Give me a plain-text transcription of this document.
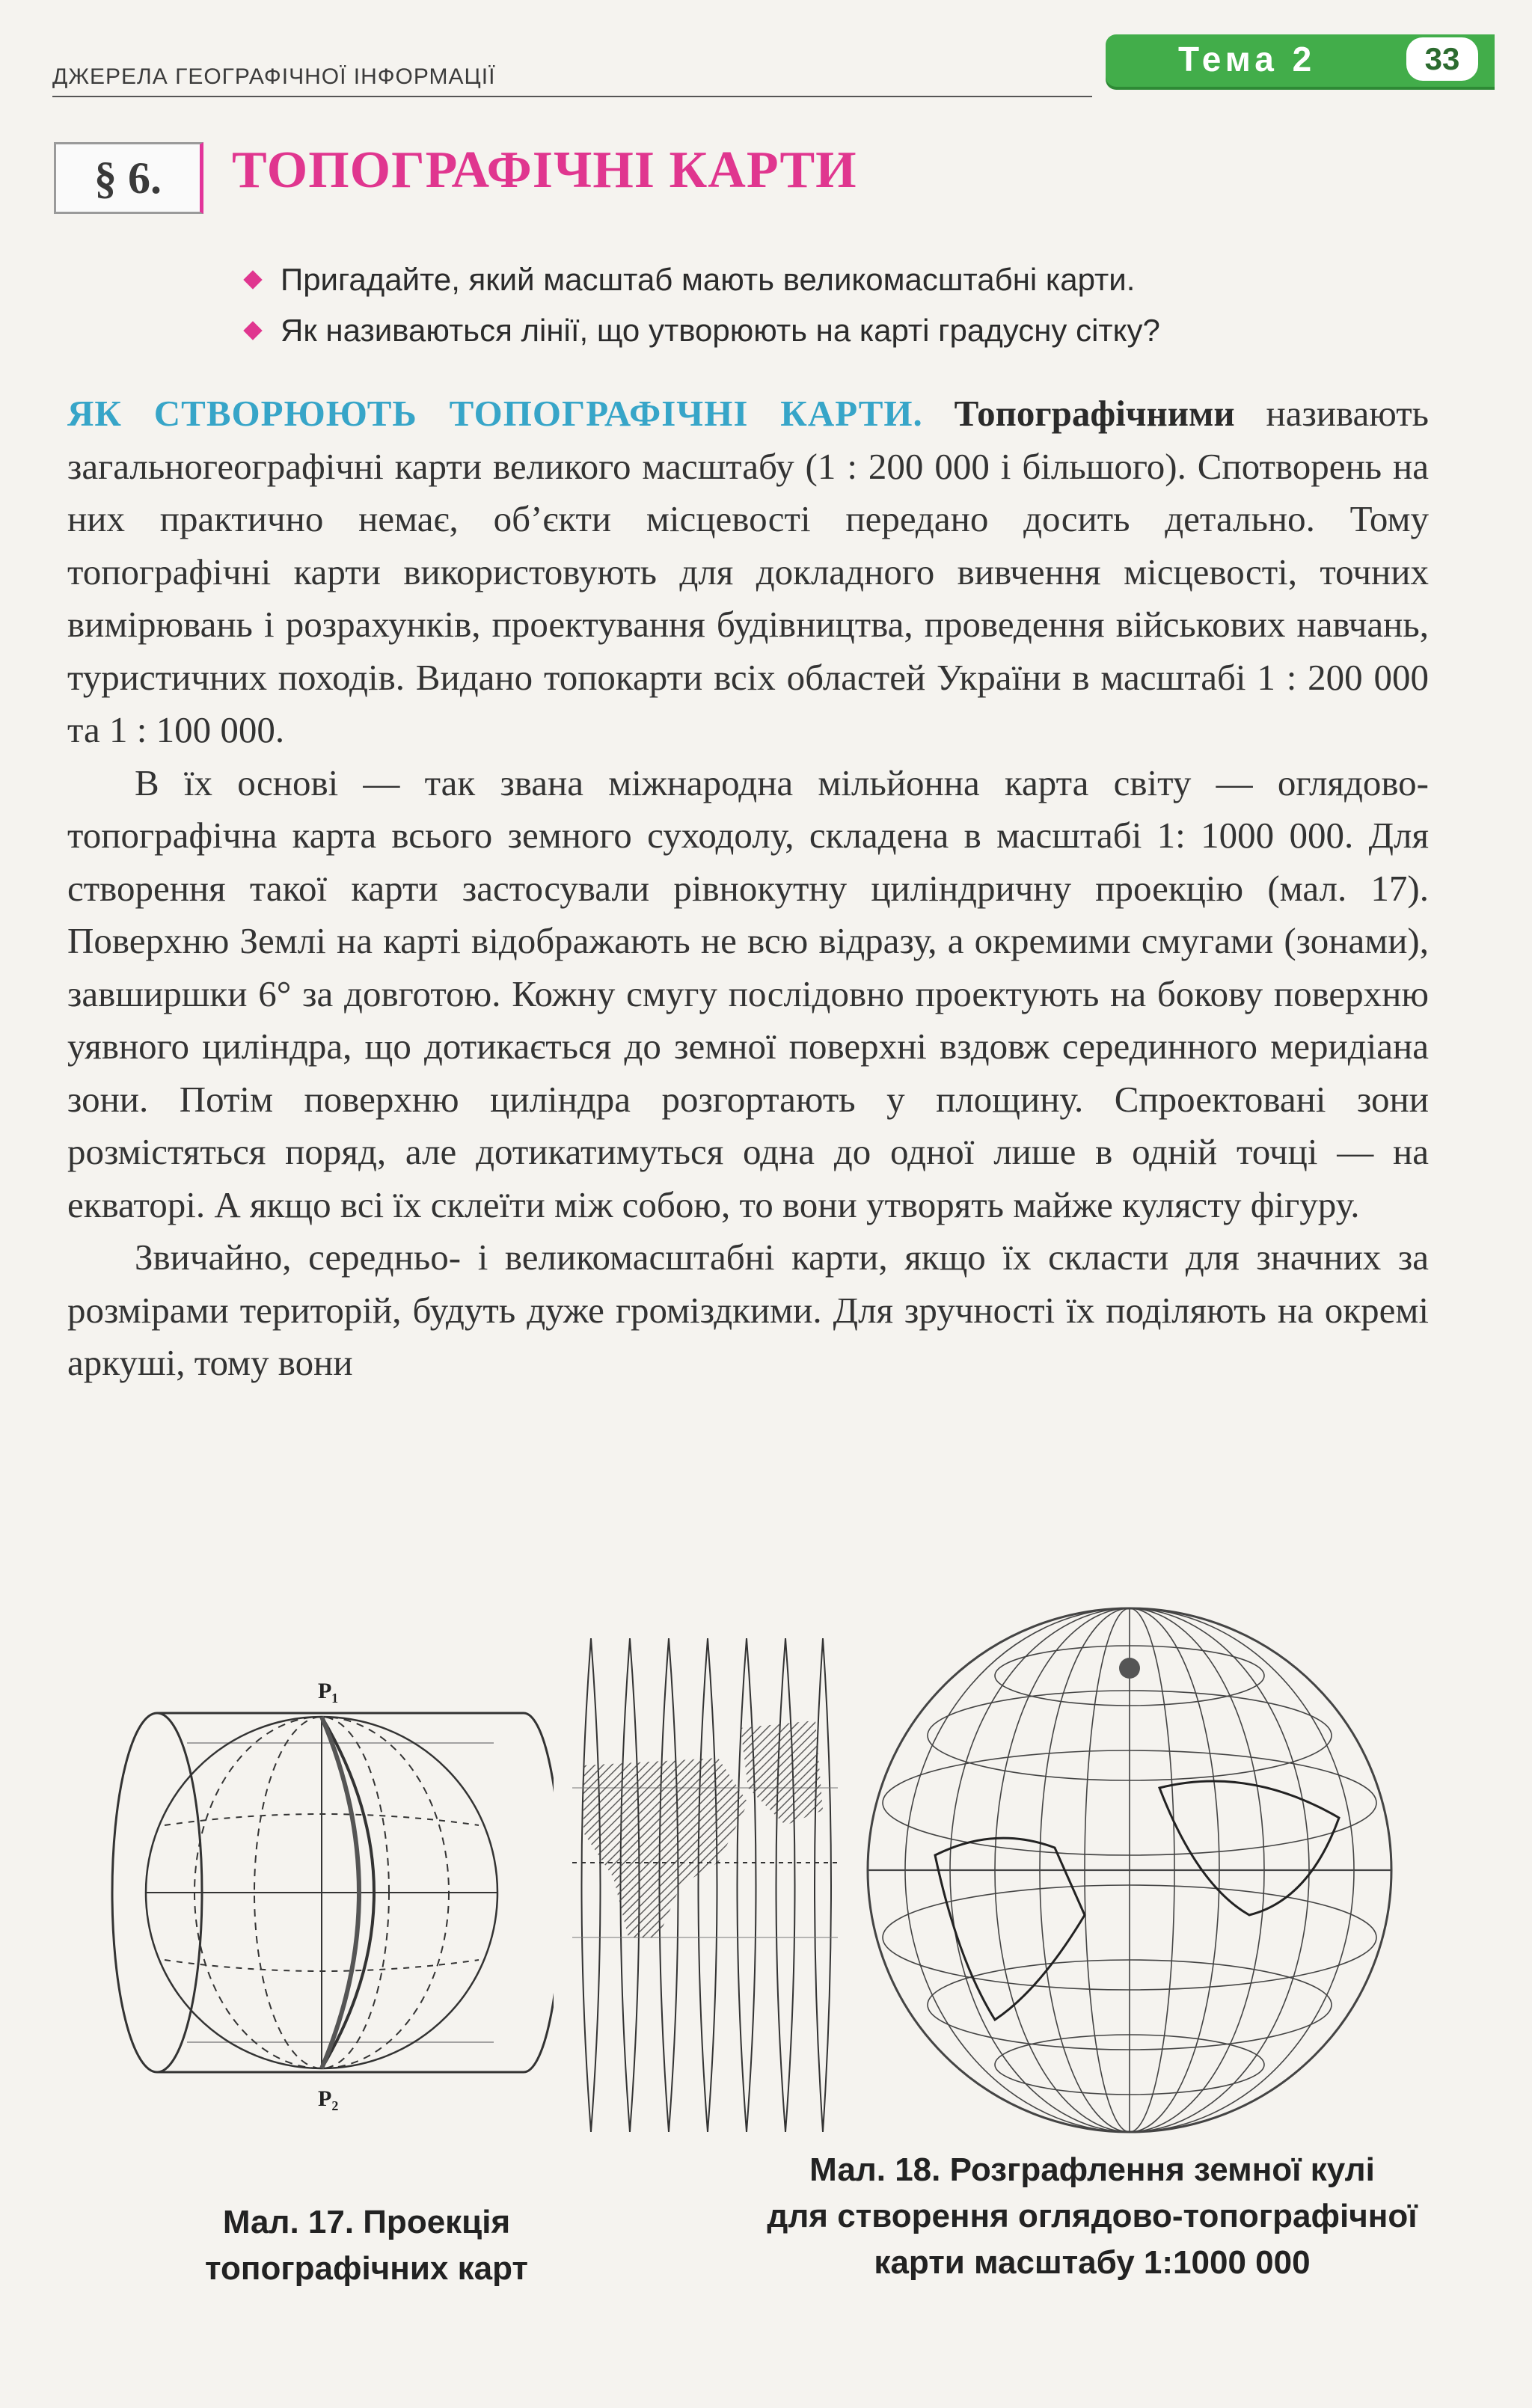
ДЖЕРЕЛА ГЕОГРАФІЧНОЇ ІНФОРМАЦІЇ	Тема 2	33
§ 6.	ТОПОГРАФІЧНІ КАРТИ
Пригадайте, який масштаб мають великомасштабні карти.
Як називаються лінії, що утворюють на карті градусну сітку?

ЯК СТВОРЮЮТЬ ТОПОГРАФІЧНІ КАРТИ. Топографічними називають загальногеографічні карти великого масштабу (1 : 200 000 і більшого). Спотворень на них практично немає, об’єкти місцевості передано досить детально. Тому топографічні карти використовують для докладного вивчення місцевості, точних вимірювань і розрахунків, проектування будівництва, проведення військових навчань, туристичних походів. Видано топокарти всіх областей України в масштабі 1 : 200 000 та 1 : 100 000.

В їх основі — так звана міжнародна мільйонна карта світу — оглядово-топографічна карта всього земного суходолу, складена в масштабі 1: 1000 000. Для створення такої карти застосували рівнокутну циліндричну проекцію (мал. 17). Поверхню Землі на карті відображають не всю відразу, а окремими смугами (зонами), завширшки 6° за довготою. Кожну смугу послідовно проектують на бокову поверхню уявного циліндра, що дотикається до земної поверхні вздовж серединного меридіана зони. Потім поверхню циліндра розгортають у площину. Спроектовані зони розмістяться поряд, але дотикатимуться одна до одної лише в одній точці — на екваторі. А якщо всі їх склеїти між собою, то вони утворять майже кулясту фігуру.

Звичайно, середньо- і великомасштабні карти, якщо їх скласти для значних за розмірами територій, будуть дуже громіздкими. Для зручності їх поділяють на окремі аркуші, тому вони

P₁
P₂
Мал. 17. Проекція
топографічних карт
Мал. 18. Розграфлення земної кулі
для створення оглядово-топографічної
карти масштабу 1:1000 000
